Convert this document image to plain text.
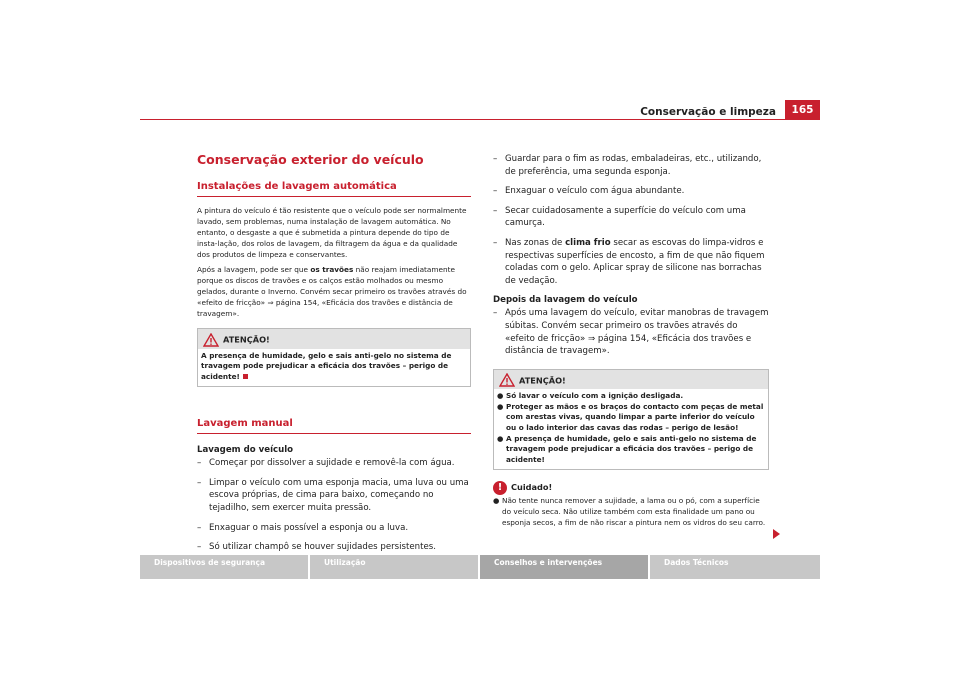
Conservação e limpeza	165
Conservação exterior do veículo
Instalações de lavagem automática

A pintura do veículo é tão resistente que o veículo pode ser normalmente lavado, sem problemas, numa instalação de lavagem automática. No entanto, o desgaste a que é submetida a pintura depende do tipo de insta-lação, dos rolos de lavagem, da filtragem da água e da qualidade dos produtos de limpeza e conservantes.

Após a lavagem, pode ser que os travões não reajam imediatamente porque os discos de travões e os calços estão molhados ou mesmo gelados, durante o Inverno. Convém secar primeiro os travões através do «efeito de fricção» ⇒ página 154, «Eficácia dos travões e distância de travagem».

ATENÇÃO!
A presença de humidade, gelo e sais anti-gelo no sistema de travagem pode prejudicar a eficácia dos travões – perigo de acidente!
Lavagem manual
Lavagem do veículo
– Começar por dissolver a sujidade e removê-la com água.
– Limpar o veículo com uma esponja macia, uma luva ou uma escova próprias, de cima para baixo, começando no tejadilho, sem exercer muita pressão.
– Enxaguar o mais possível a esponja ou a luva.
– Só utilizar champô se houver sujidades persistentes.
– Guardar para o fim as rodas, embaladeiras, etc., utilizando, de preferência, uma segunda esponja.
– Enxaguar o veículo com água abundante.
– Secar cuidadosamente a superfície do veículo com uma camurça.
– Nas zonas de clima frio secar as escovas do limpa-vidros e respectivas superfícies de encosto, a fim de que não fiquem coladas com o gelo. Aplicar spray de silicone nas borrachas de vedação.
Depois da lavagem do veículo
– Após uma lavagem do veículo, evitar manobras de travagem súbitas. Convém secar primeiro os travões através do «efeito de fricção» ⇒ página 154, «Eficácia dos travões e distância de travagem».
ATENÇÃO!
● Só lavar o veículo com a ignição desligada.
● Proteger as mãos e os braços do contacto com peças de metal com arestas vivas, quando limpar a parte inferior do veículo ou o lado interior das cavas das rodas – perigo de lesão!
● A presença de humidade, gelo e sais anti-gelo no sistema de travagem pode prejudicar a eficácia dos travões – perigo de acidente!
! Cuidado!
● Não tente nunca remover a sujidade, a lama ou o pó, com a superfície do veículo seca. Não utilize também com esta finalidade um pano ou esponja secos, a fim de não riscar a pintura nem os vidros do seu carro.
Dispositivos de segurança	Utilização	Conselhos e intervenções	Dados Técnicos
